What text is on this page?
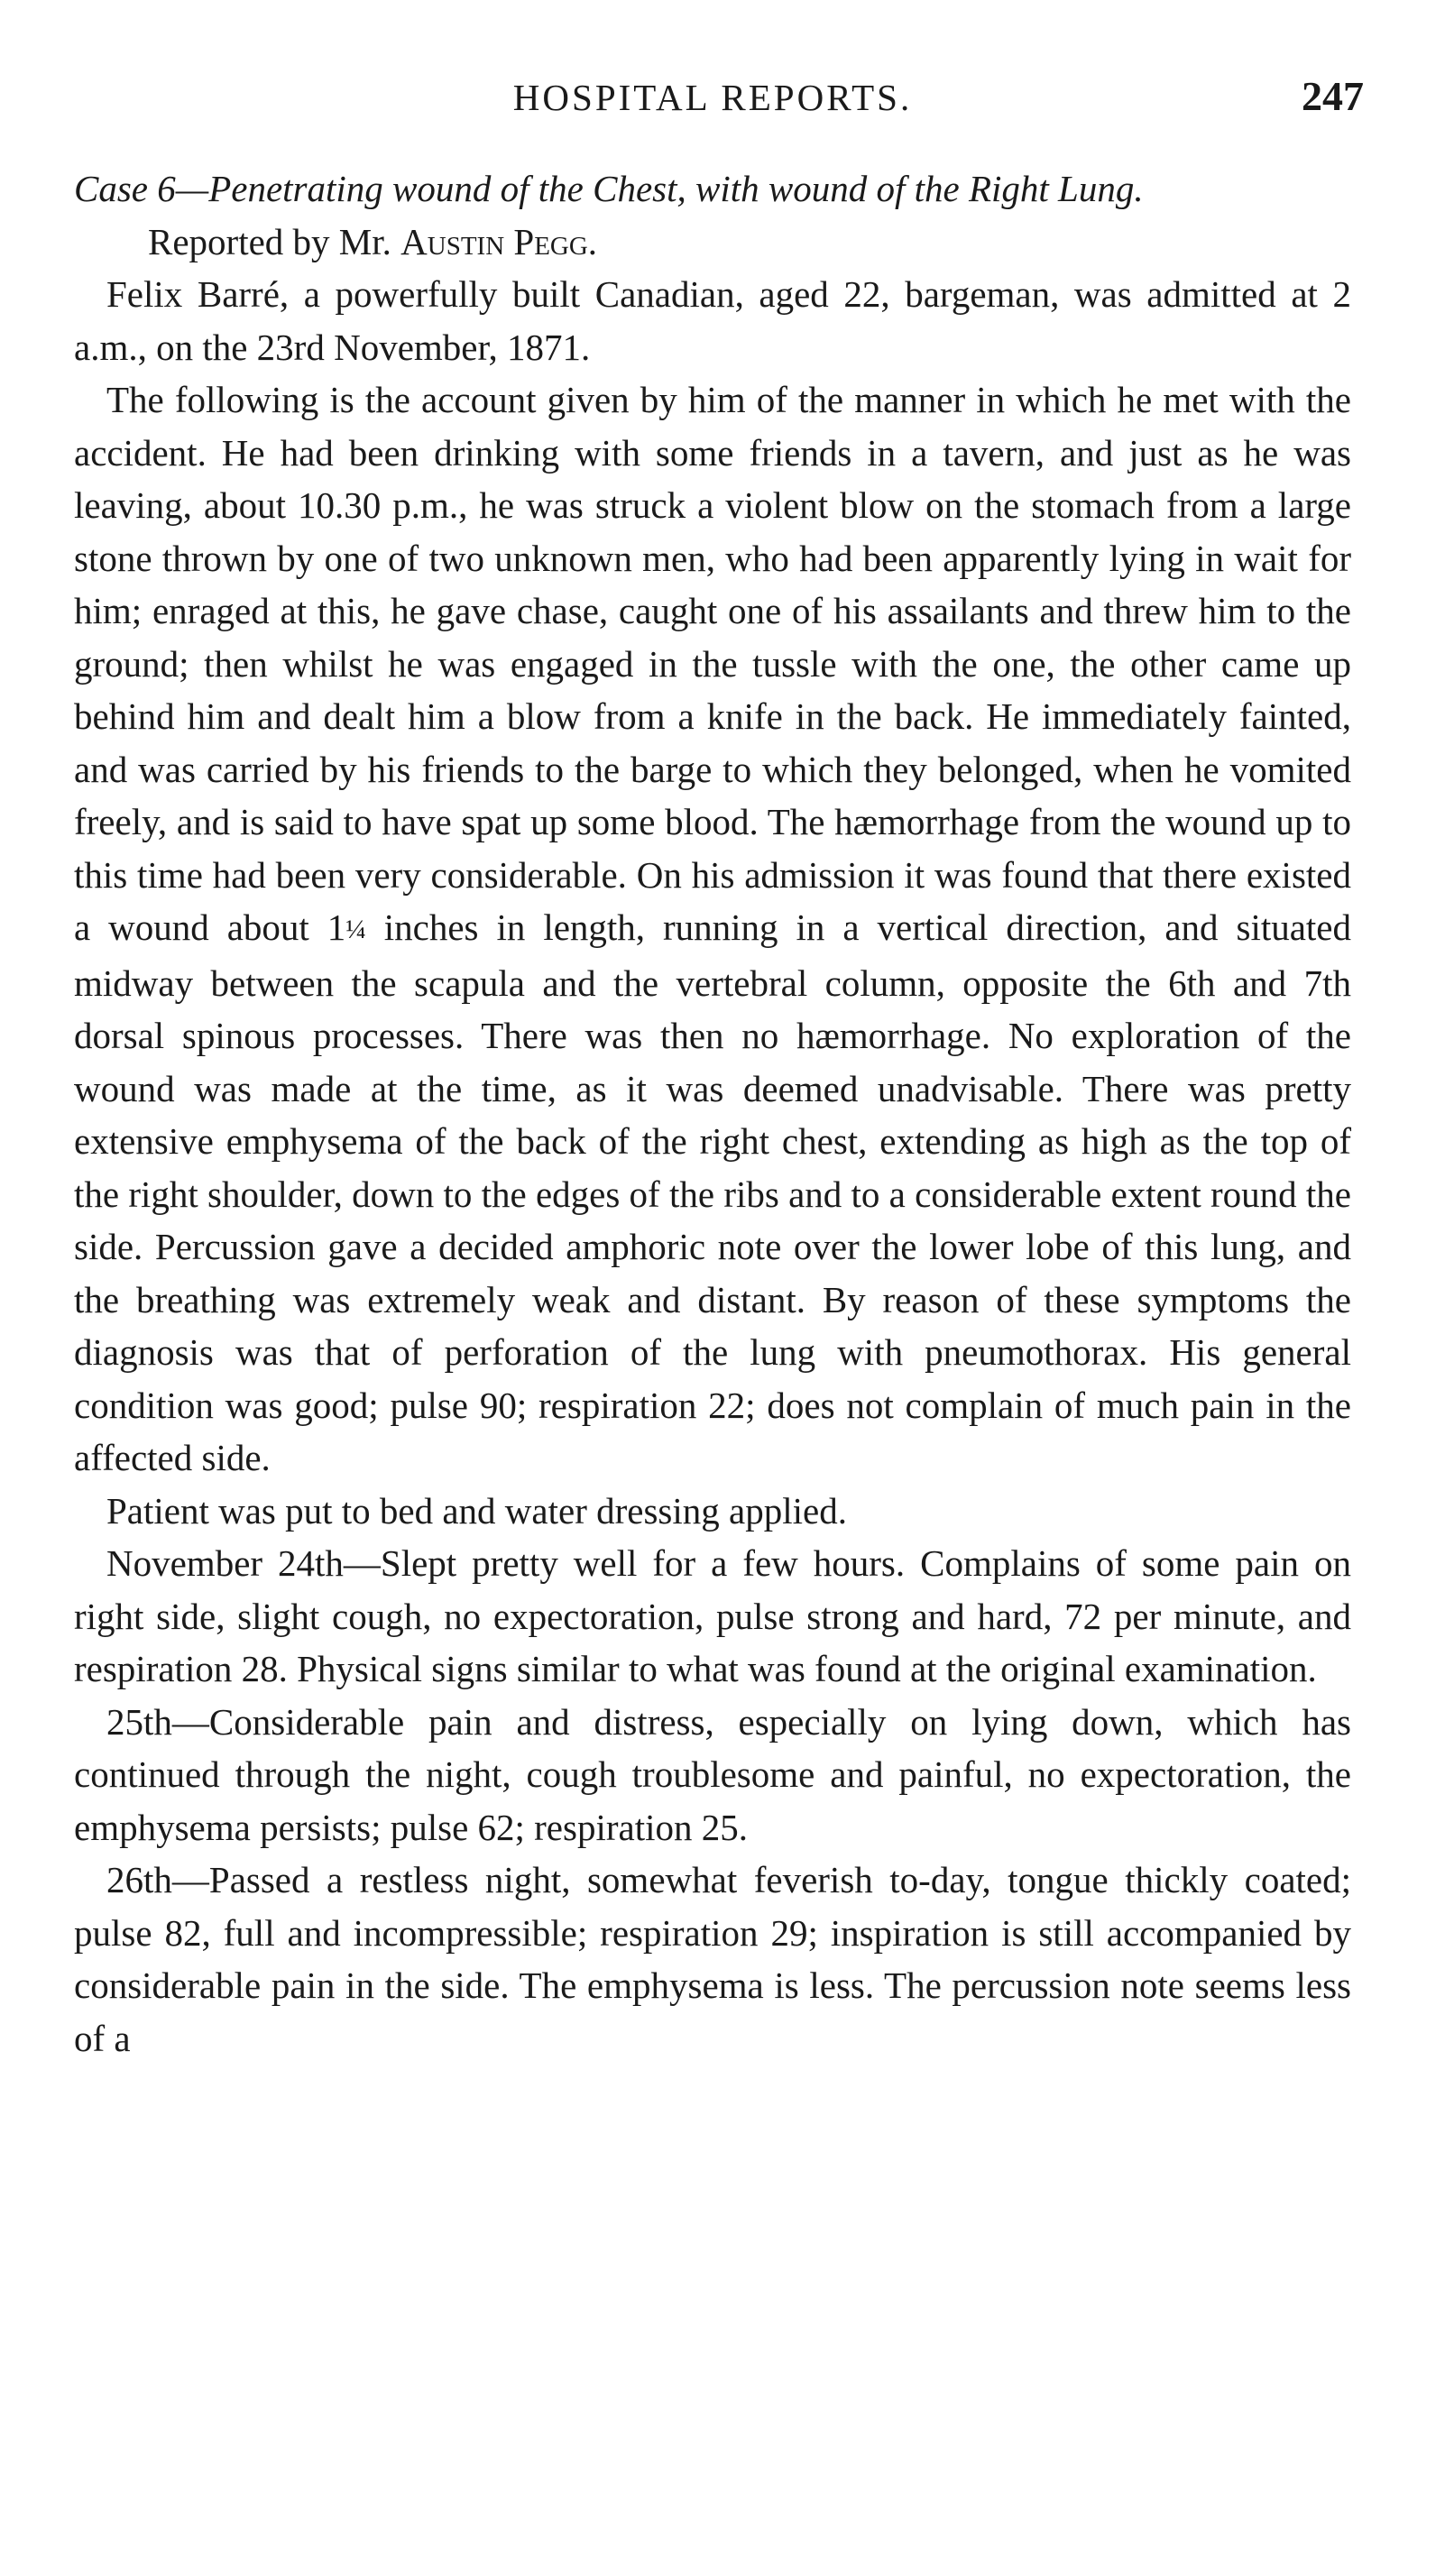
HOSPITAL REPORTS.	247

Case 6—Penetrating wound of the Chest, with wound of the Right Lung.

Reported by Mr. Austin Pegg.

Felix Barré, a powerfully built Canadian, aged 22, bargeman, was admitted at 2 a.m., on the 23rd November, 1871.

The following is the account given by him of the manner in which he met with the accident. He had been drinking with some friends in a tavern, and just as he was leaving, about 10.30 p.m., he was struck a violent blow on the stomach from a large stone thrown by one of two unknown men, who had been apparently lying in wait for him; enraged at this, he gave chase, caught one of his assailants and threw him to the ground; then whilst he was engaged in the tussle with the one, the other came up behind him and dealt him a blow from a knife in the back. He immediately fainted, and was carried by his friends to the barge to which they belonged, when he vomited freely, and is said to have spat up some blood. The hæmorrhage from the wound up to this time had been very considerable. On his admission it was found that there existed a wound about 1¼ inches in length, running in a vertical direction, and situated midway between the scapula and the vertebral column, opposite the 6th and 7th dorsal spinous processes. There was then no hæmorrhage. No exploration of the wound was made at the time, as it was deemed unadvisable. There was pretty extensive emphysema of the back of the right chest, extending as high as the top of the right shoulder, down to the edges of the ribs and to a considerable extent round the side. Percussion gave a decided amphoric note over the lower lobe of this lung, and the breathing was extremely weak and distant. By reason of these symptoms the diagnosis was that of perforation of the lung with pneumothorax. His general condition was good; pulse 90; respiration 22; does not complain of much pain in the affected side.

Patient was put to bed and water dressing applied.

November 24th—Slept pretty well for a few hours. Complains of some pain on right side, slight cough, no expectoration, pulse strong and hard, 72 per minute, and respiration 28. Physical signs similar to what was found at the original examination.

25th—Considerable pain and distress, especially on lying down, which has continued through the night, cough troublesome and painful, no expectoration, the emphysema persists; pulse 62; respiration 25.

26th—Passed a restless night, somewhat feverish to-day, tongue thickly coated; pulse 82, full and incompressible; respiration 29; inspiration is still accompanied by considerable pain in the side. The emphysema is less. The percussion note seems less of a
